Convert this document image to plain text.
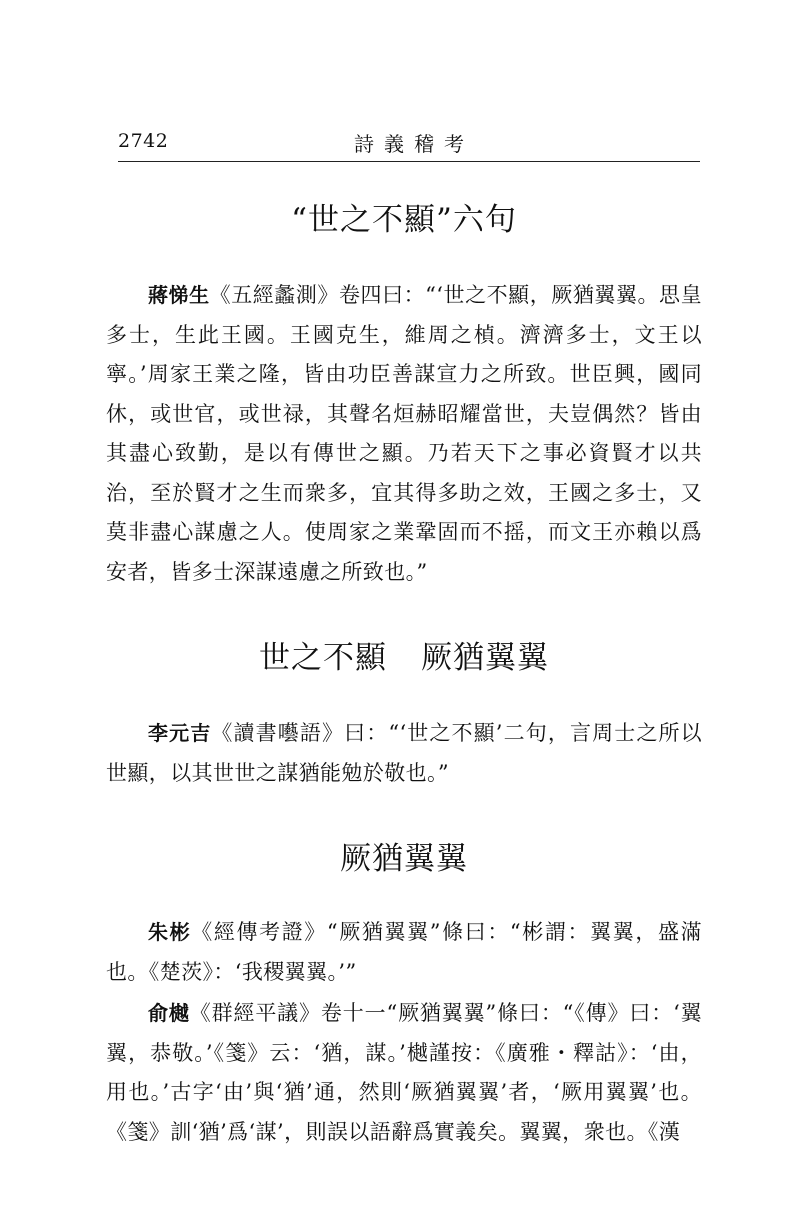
2742	詩義稽考
“世之不顯”六句

蔣悌生《五經蠡測》卷四曰：“‘世之不顯，厥猶翼翼。思皇多士，生此王國。王國克生，維周之楨。濟濟多士，文王以寧。’周家王業之隆，皆由功臣善謀宣力之所致。世臣興，國同休，或世官，或世禄，其聲名烜赫昭耀當世，夫豈偶然？皆由其盡心致勤，是以有傳世之顯。乃若天下之事必資賢才以共治，至於賢才之生而衆多，宜其得多助之效，王國之多士，又莫非盡心謀慮之人。使周家之業鞏固而不摇，而文王亦賴以爲安者，皆多士深謀遠慮之所致也。”

世之不顯 厥猶翼翼

李元吉《讀書囈語》曰：“‘世之不顯’二句，言周士之所以世顯，以其世世之謀猶能勉於敬也。”

厥猶翼翼

朱彬《經傳考證》“厥猶翼翼”條曰：“彬謂：翼翼，盛滿也。《楚茨》：‘我稷翼翼。’”

俞樾《群經平議》卷十一“厥猶翼翼”條曰：“《傳》曰：‘翼翼，恭敬。’《箋》云：‘猶，謀。’樾謹按：《廣雅・釋詁》：‘由，用也。’古字‘由’與‘猶’通，然則‘厥猶翼翼’者，‘厥用翼翼’也。《箋》訓‘猶’爲‘謀’，則誤以語辭爲實義矣。翼翼，衆也。《漢
